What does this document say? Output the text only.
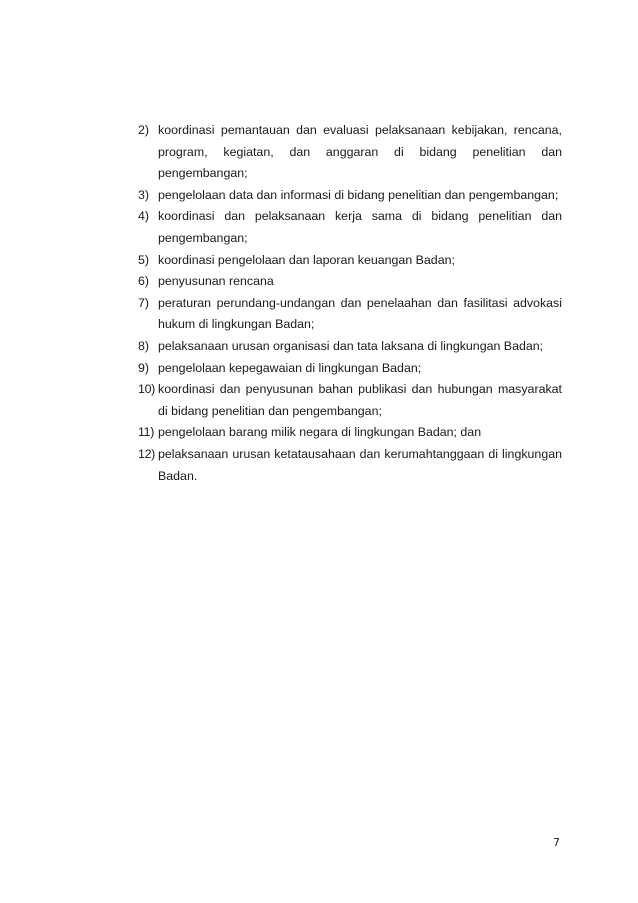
2) koordinasi pemantauan dan evaluasi pelaksanaan kebijakan, rencana, program, kegiatan, dan anggaran di bidang penelitian dan pengembangan;
3) pengelolaan data dan informasi di bidang penelitian dan pengembangan;
4) koordinasi dan pelaksanaan kerja sama di bidang penelitian dan pengembangan;
5) koordinasi pengelolaan dan laporan keuangan Badan;
6) penyusunan rencana
7) peraturan perundang-undangan dan penelaahan dan fasilitasi advokasi hukum di lingkungan Badan;
8) pelaksanaan urusan organisasi dan tata laksana di lingkungan Badan;
9) pengelolaan kepegawaian di lingkungan Badan;
10) koordinasi dan penyusunan bahan publikasi dan hubungan masyarakat di bidang penelitian dan pengembangan;
11) pengelolaan barang milik negara di lingkungan Badan; dan
12) pelaksanaan urusan ketatausahaan dan kerumahtanggaan di lingkungan Badan.
7
